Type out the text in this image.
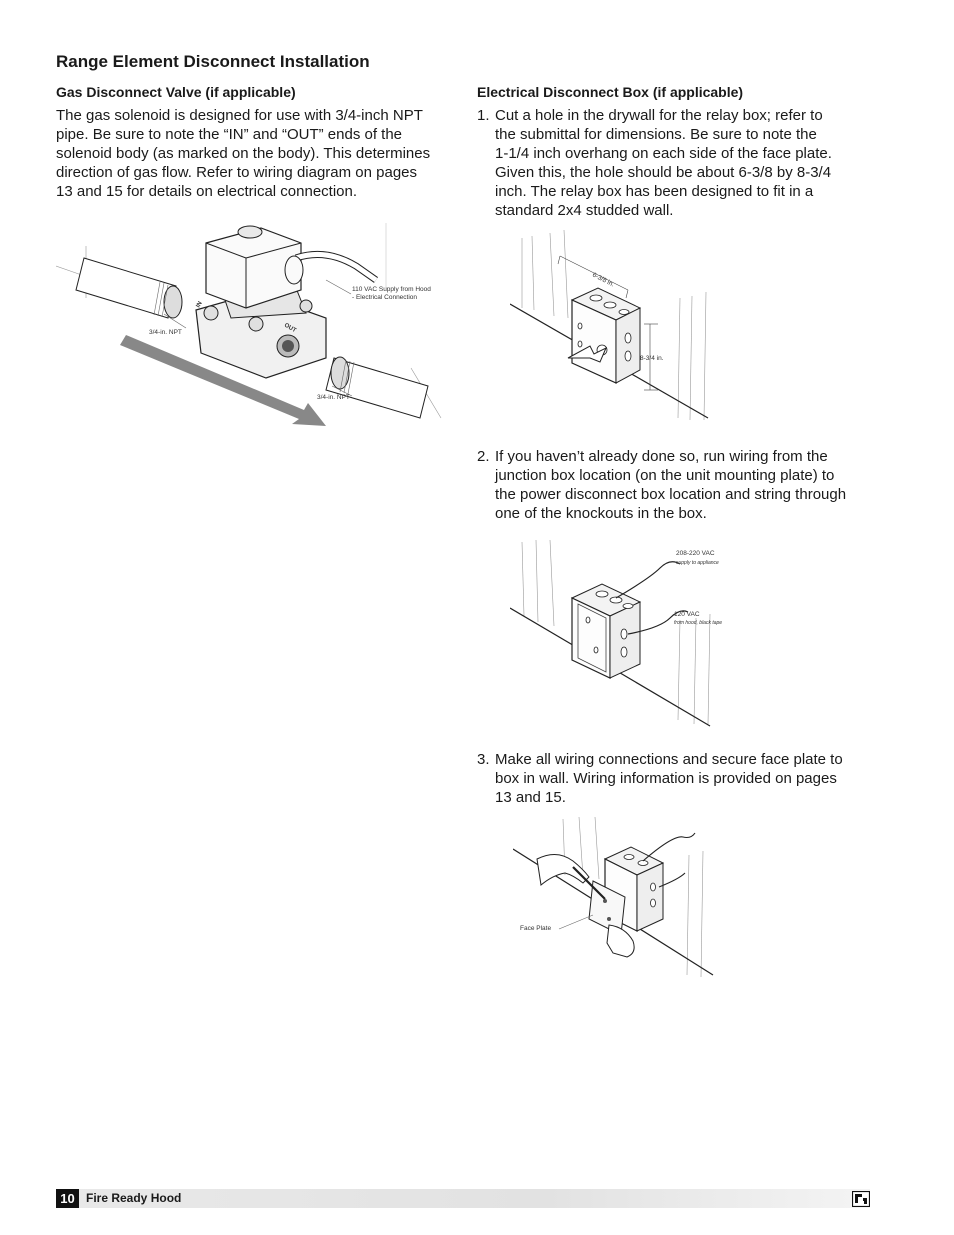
Range Element Disconnect Installation
Gas Disconnect Valve (if applicable)
The gas solenoid is designed for use with 3/4-inch NPT
pipe. Be sure to note the “IN” and “OUT” ends of the
solenoid body (as marked on the body). This determines
direction of gas flow. Refer to wiring diagram on pages
13 and 15 for details on electrical connection.
IN
OUT
110 VAC Supply from Hood
- Electrical Connection
3/4-in. NPT
3/4-in. NPT
Electrical Disconnect Box (if applicable)
1. Cut a hole in the drywall for the relay box; refer to
the submittal for dimensions. Be sure to note the
1-1/4 inch overhang on each side of the face plate.
Given this, the hole should be about 6-3/8 by 8-3/4
inch. The relay box has been designed to fit in a
standard 2x4 studded wall.
6-3/8 in.
8-3/4 in.
2. If you haven’t already done so, run wiring from the
junction box location (on the unit mounting plate) to
the power disconnect box location and string through
one of the knockouts in the box.
208-220 VAC
supply to appliance
120 VAC
from hood, black tape
3. Make all wiring connections and secure face plate to
box in wall. Wiring information is provided on pages
13 and 15.
Face Plate
10 Fire Ready Hood
